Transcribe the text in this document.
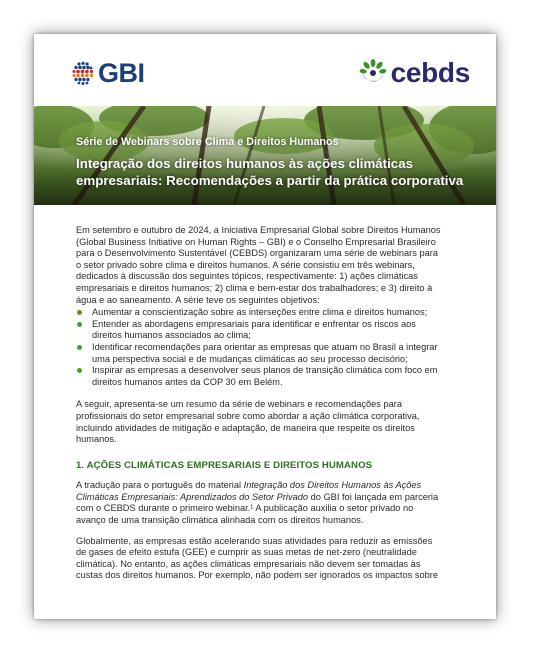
GBI	cebds
Série de Webinars sobre Clima e Direitos Humanos
Integração dos direitos humanos às ações climáticas
empresariais: Recomendações a partir da prática corporativa

Em setembro e outubro de 2024, a Iniciativa Empresarial Global sobre Direitos Humanos
(Global Business Initiative on Human Rights – GBI) e o Conselho Empresarial Brasileiro
para o Desenvolvimento Sustentável (CEBDS) organizaram uma série de webinars para
o setor privado sobre clima e direitos humanos. A série consistiu em três webinars,
dedicados à discussão dos seguintes tópicos, respectivamente: 1) ações climáticas
empresariais e direitos humanos; 2) clima e bem-estar dos trabalhadores; e 3) direito à
água e ao saneamento. A série teve os seguintes objetivos:

Aumentar a conscientização sobre as interseções entre clima e direitos humanos;
Entender as abordagens empresariais para identificar e enfrentar os riscos aos
direitos humanos associados ao clima;
Identificar recomendações para orientar as empresas que atuam no Brasil a integrar
uma perspectiva social e de mudanças climáticas ao seu processo decisório;
Inspirar as empresas a desenvolver seus planos de transição climática com foco em
direitos humanos antes da COP 30 em Belém.

A seguir, apresenta-se um resumo da série de webinars e recomendações para
profissionais do setor empresarial sobre como abordar a ação climática corporativa,
incluindo atividades de mitigação e adaptação, de maneira que respeite os direitos
humanos.

1. AÇÕES CLIMÁTICAS EMPRESARIAIS E DIREITOS HUMANOS

A tradução para o português do material Integração dos Direitos Humanos às Ações
Climáticas Empresariais: Aprendizados do Setor Privado do GBI foi lançada em parceria
com o CEBDS durante o primeiro webinar.¹ A publicação auxilia o setor privado no
avanço de uma transição climática alinhada com os direitos humanos.

Globalmente, as empresas estão acelerando suas atividades para reduzir as emissões
de gases de efeito estufa (GEE) e cumprir as suas metas de net-zero (neutralidade
climática). No entanto, as ações climáticas empresariais não devem ser tomadas às
custas dos direitos humanos. Por exemplo, não podem ser ignorados os impactos sobre
